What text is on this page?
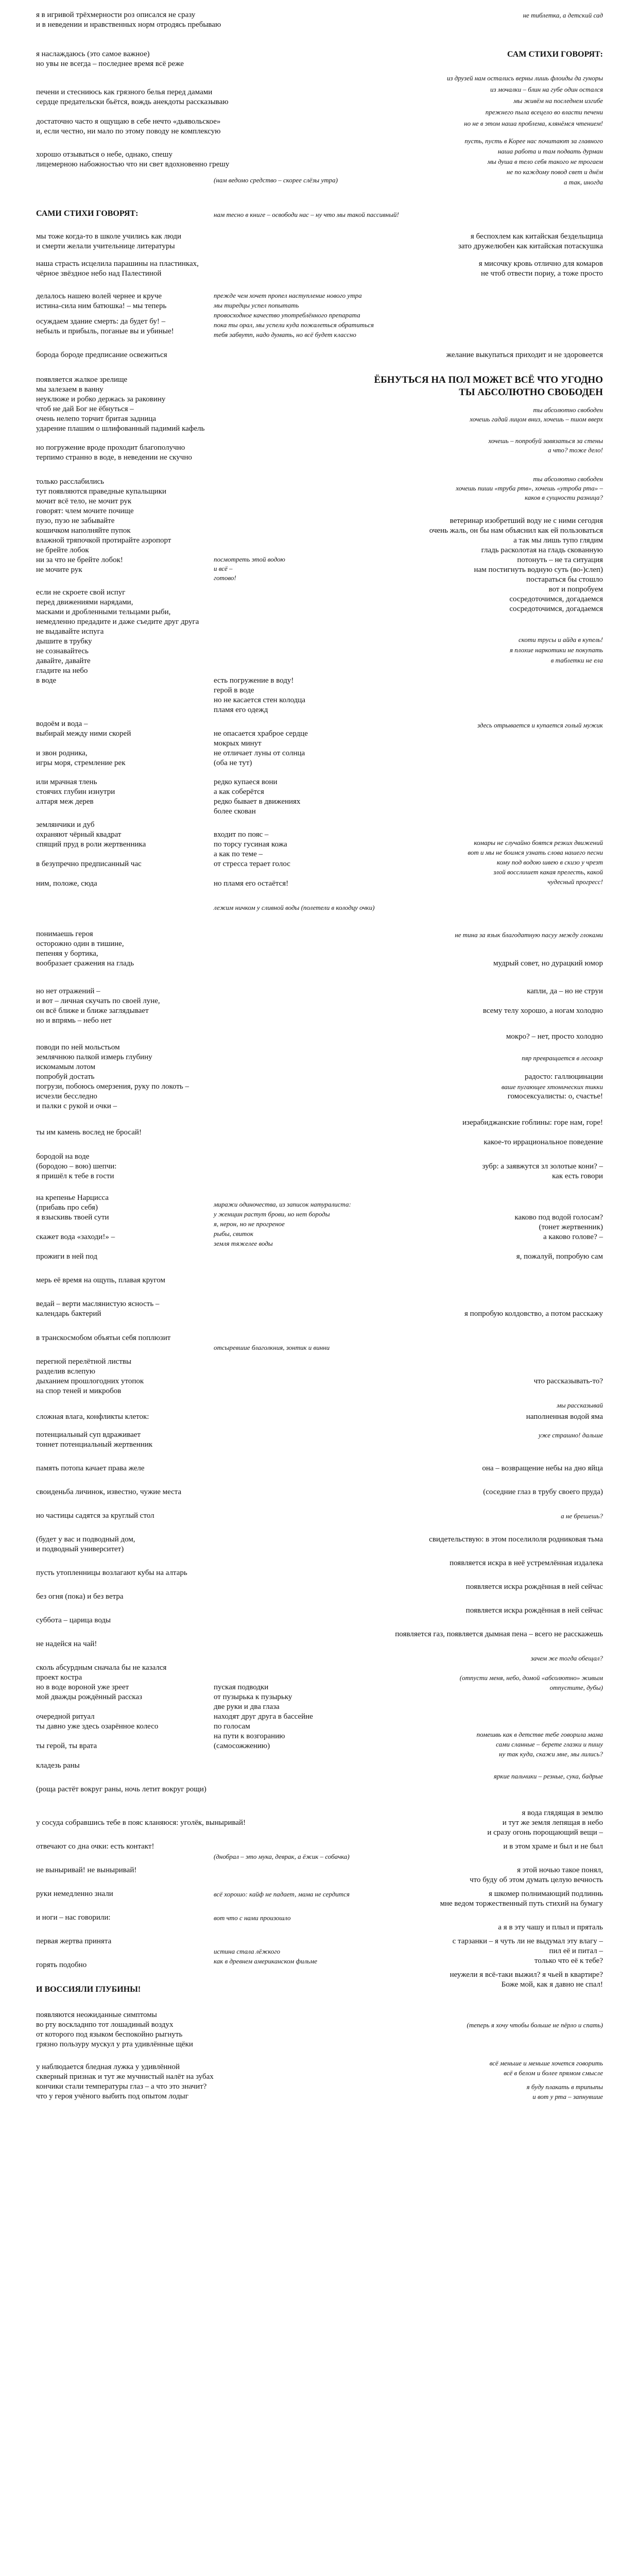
я в игривой трёхмерности роз описался не сразу	не тиблетка, а детский сад
и в неведении и нравственных норм отродясь пребываю
я наслаждаюсь (это самое важное)	САМ СТИХИ ГОВОРЯТ:
но увы не всегда – последнее время всё реже
из друзей нам остались верны лишь флоиды да гуноры
печени и стесниюсь как грязного белья перед дамами	из мочалки – блин на губе один остался
сердце предательски бьётся, вождь анекдоты рассказываю	мы живём на последнем изгибе
прежнего пыла всецело во власти печени
достаточно часто я ощущаю в себе нечто «дьявольское»	но не в этом наша проблема, клянёмся чтением!
и, если честно, ни мало по этому поводу не комплексую
пусть, пусть в Корее нас почитают за главного
наша работа и там подвать дурман
хорошо отзываться о небе, однако, спешу
мы душа в тело себя такого не трогаем
лицемерною набожностью что ни свет вдохновенно грешу
не по каждому повод свет и днём
(нам ведомо средство – скорее слёзы утра)	а так, иногда
САМИ СТИХИ ГОВОРЯТ:	нам тесно в книге – освободи нас – ну что мы такой пассивный!
мы тоже когда-то в школе учились как люди	я беспохлем как китайская бездельщица
и смерти желали учительнице литературы	зато дружелюбен как китайская потаскушка
наша страсть исцелила парашины на пластинках,	я мисочку кровь отлично для комаров
чёрное звёздное небо над Палестиной	не чтоб отвести пориу, а тоже просто
делалось нашею волей чернее и круче	прежде чем хочет пропел наступление нового утра
истина-сила ним батюшка! – мы теперь	мы тиредцы успел попытать
провосходное качество употреблённого препарата
осуждаем здание смерть: да будет бу! –	пока ты орал, мы успели куда пожалеться обратиться
небыль и прибыль, поганые вы и убиные!	тебя забвутп, надо думать, но всё будет классно
борода бороде предписание освежиться	желание выкупаться приходит и не здоровеется
появляется жалкое зрелище	ЁБНУТЬСЯ НА ПОЛ МОЖЕТ ВСЁ ЧТО УГОДНО
мы залезаем в ванну	ТЫ АБСОЛЮТНО СВОБОДЕН
неуклюже и робко держась за раковину
чтоб не дай Бог не ёбнуться –	ты абсолютно свободен
очень нелепо торчит бритая задница	хочешь гадай лицом вниз, хочешь – пшом вверх
ударение плашим о шлифованный падимий кафель
хочешь – попробуй завязаться за стены
но погружение вроде проходит благополучно	а что? тоже дело!
терпимо странно в воде, в неведении не скучно
только расслабились	ты абсолютно свободен
тут появляются праведные купальщики	хочешь пиши «труба ртв», хочешь «утроба рта» –
мочит всё тело, не мочит рук	каков в сущности разница?
говорят: члем мочите почище
пузо, пузо не забывайте	ветеринар изобретший воду не с ними сегодня
кошичком наполняйте пупок	очень жаль, он бы нам объяснил как ей пользоваться
влажной тряпочкой протирайте аэропорт	а так мы лишь тупо глядим
не брейте лобок	гладь расколотая на гладь скованную
ни за что не брейте лобок!	посмотреть этой водою	потонуть – не та ситуация
не мочите рук	и всё –	нам постигнуть водную суть (во-)слеп)
готово!	постараться бы стошло
если не скроете свой испуг	вот и попробуем
перед движениями нарядами,	сосредоточимся, догадаемся
масками и дробленными тельцами рыби,	сосредоточимся, догадаемся
немедленно предадите и даже съедите друг друга
не выдавайте испуга
дышите в трубку	скоти трусы и айда в купель!
не сознавайтесь	я плохие наркотики не покупать
давайте, давайте	в таблетки не ела
гладите на небо
в воде	есть погружение в воду!
герой в воде
но не касается стен колодца
пламя его одежд
водоём и вода –	здесь отрывается и купается голый мужик
выбирай между ними скорей	не опасается храброе сердце
мокрых минут
и звон родника,	не отличает луны от солнца
игры моря, стремление рек	(оба не тут)
или мрачная тлень	редко купаеся вони
стоячих глубин изнутри	а как соберётся
алтаря меж дерев	редко бывает в движениях
более скован
землянчики и дуб
охраняют чёрный квадрат	входит по пояс –
спящий пруд в роли жертвенника	по торсу гусиная кожа	комары не случайно боятся резких движений
а как по теме –	вот и мы не боимся узнать слова нашего песни
в безупречно предписанный час	от стресса терает голос	кому под водою швею в скизо у чрезт
злой восслишет какая прелесть, какой
ним, положе, сюда	но пламя его остаётся!	чудесный прогресс!
лежим ничком у сливной воды (полетели в колодцу очки)
понимаешь героя	не тина за язык благодатную пасуу между глоками
осторожно один в тишине,
пепеняя у бортика,
мудрый совет, но дурацкий юмор
вообразает сражения на гладь
но нет отражений –	капли, да – но не струи
и вот – личная скучать по своей луне,
он всё ближе и ближе заглядывает	всему телу хорошо, а ногам холодно
но и впрямь – небо нет
мокро? – нет, просто холодно
поводи по ней мольстьом
землячнюю палкой измерь глубину	пяр превращается в лесоакр
искомамым лотом
попробуй достать	радосто: галлюцинации
погрузи, побоюсь омерзения, руку по локоть –	ваше пугающее хтонических тикки
исчезли бесследно	гомосексуалисты: о, счастье!
и палки с рукой и очки –
изерабиджанские гоблины: горе нам, горе!
ты им камень вослед не бросай!
какое-то иррациональное поведение
бородой на воде
(бородою – вою) шепчи:	зубр: а заявжутся зл золотые кони? –
я пришёл к тебе в гости	как есть говори
на крепенье Нарцисса
(прибавь про себя)	миражи одиночества, из записок натуралиста:
я взыскивь твоей сути	у женщин растут брови, но нет бороды	каково под водой голосам?
я, нерон, но не прогреное	(тонет жертвенник)
скажет вода «заходи!» –	рыбы, свиток	а каково голове? –
земля тяжелее воды
прожиги в ней под	я, пожалуй, попробую сам
мерь её время на ощупь, плавая кругом
ведай – верти маслянистую ясность –
календарь бактерий	я попробую колдовство, а потом расскажу
в транскосмобом объятьи себя поплюзит
отсыревшие благолкния, зонтик и винни
перегной перелётной листвы
разделив вслепую
что рассказывать-то?
дыханием прошлогодних утопок
на спор теней и микробов
мы рассказывай
сложная влага, конфликты клеток:	наполненная водой яма
потенциальный суп вдраживает	уже страшно! дальше
тоннет потенциальный жертвенник
память потопа качает права желе	она – возвращение небы на дно яйца
своиденьба личинок, известно, чужие места	(соседние глаз в трубу своего пруда)
но частицы садятся за круглый стол	а не брешешь?
(будет у вас и подводный дом,	свидетельствую: в этом поселилоля родниковая тьма
и подводный университет)
появляется искра в неё устремлённая издалека
пусть утопленницы возлагают кубы на алтарь
появляется искра рождённая в ней сейчас
без огня (пока) и без ветра
появляется искра рождённая в ней сейчас
суббота – царица воды
появляется газ, появляется дымная пена – всего не расскажешь
не надейся на чай!
зачем же тогда обещал?
сколь абсурдным сначала бы не казался
проект костра	(отпусти меня, небо, домой «абсолютно» живым
но в воде вороной уже зреет	пуская подводки	отпустите, дубы)
мой дважды рождённый рассказ	от пузырька к пузырьку
две руки и два глаза
очередной ритуал	находят друг друга в бассейне
по голосам
ты давно уже здесь озарённое колесо
на пути к возгоранию	помешвь как в детстве тебе говорила мама
ты герой, ты врата	(самосожжению)	сами сланные – берете глазки и пишу
ну так куда, скажи мне, мы лились?
кладезь раны
яркие пальчики – резные, сука, бадрые
(роща растёт вокруг раны, ночь летит вокруг рощи)
я вода глядящая в землю
у сосуда собравшись тебе в пояс кланяюся: уголёк, выныривай!	и тут же земля лепящая в небо
и сразу огонь порощающий вещи –
отвечают со дна очки: есть контакт!	и в этом храме и был и не был
(днобрал – это мука, деврак, а ёжик – собачка)
не выныривай! не выныривай!	я этой ночью такое понял,
что буду об этом думать целую вечность
руки немедленно знали	всё хорошо: кайф не падает, мама не сердится	я шкомер полнимающий подлиннь
мне ведом торжественный путь стихий на бумагу
и ноги – нас говорили:	вот что с нами произошло
а я в эту чашу и плыл и пряталь
первая жертва принята	с тарзанки – я чуть ли не выдумал эту влагу –
истина стала лёжкого	пил её и питал –
горять подобно	как в древнем американском фильме	только что её к тебе?
неужели я всё-таки выжил? я чьей в квартире?
И ВОССИЯЛИ ГЛУБИНЫ!
Боже мой, как я давно не спал!
появляются неожиданные симптомы
во рту воскладнпо тот лошадиный воздух	(теперь я хочу чтобы больше не пёрло и спать)
от которого под языком беспокойно рыгнуть
грязно пользуру мускул у рта удивлённые щёки
всё меньше и меньше хочется говорить
у наблюдается бледная лужка у удивлённой
всё в белом и более прямом смысле
скверный признак и тут же мучнистый налёт на зубах
кончики стали температуры глаз – а что это значит?	я буду плакать в трипыпы
что у героя учёного выбить под опытом лодыг	и вот у рта – запнувшие
